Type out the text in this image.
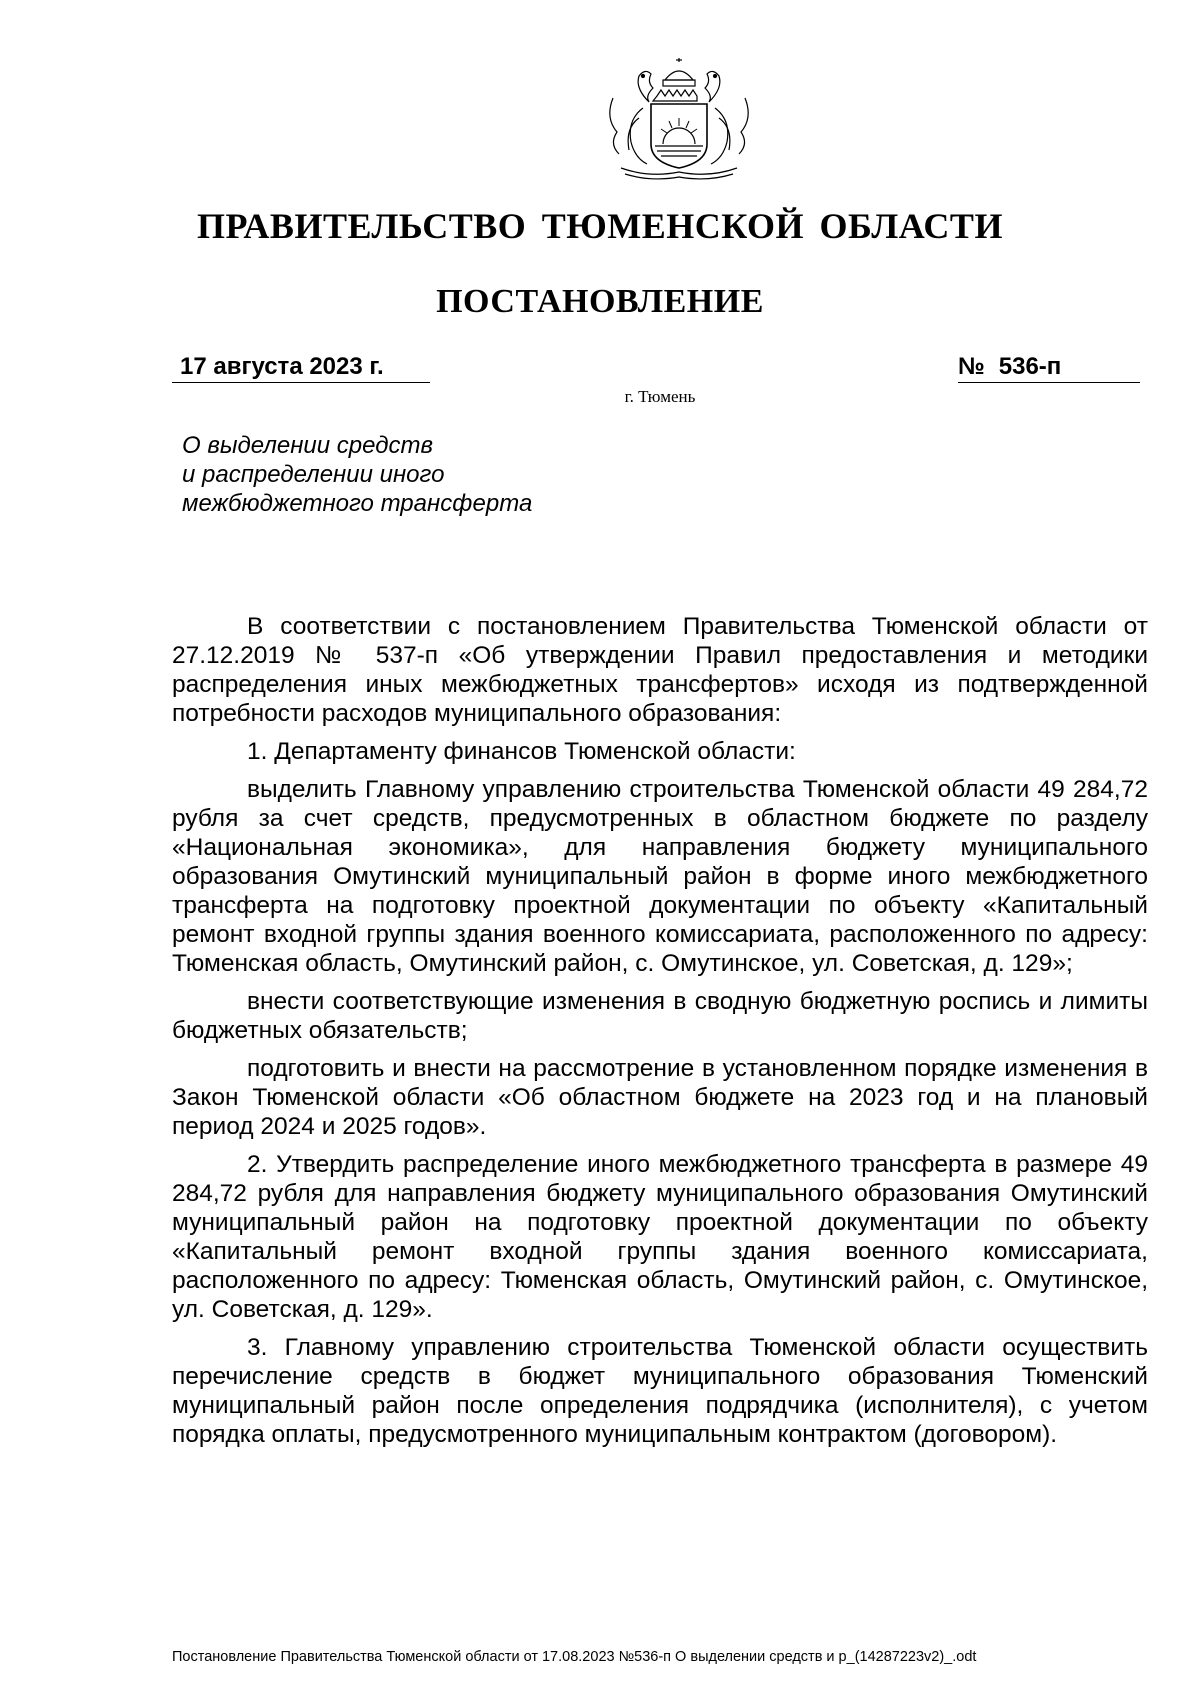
ПРАВИТЕЛЬСТВО ТЮМЕНСКОЙ ОБЛАСТИ
ПОСТАНОВЛЕНИЕ
17 августа 2023 г.	№ 536-п
г. Тюмень
О выделении средств
и распределении иного
межбюджетного трансферта

В соответствии с постановлением Правительства Тюменской области от 27.12.2019 № 537-п «Об утверждении Правил предоставления и методики распределения иных межбюджетных трансфертов» исходя из подтвержденной потребности расходов муниципального образования:

1. Департаменту финансов Тюменской области:

выделить Главному управлению строительства Тюменской области 49 284,72 рубля за счет средств, предусмотренных в областном бюджете по разделу «Национальная экономика», для направления бюджету муниципального образования Омутинский муниципальный район в форме иного межбюджетного трансферта на подготовку проектной документации по объекту «Капитальный ремонт входной группы здания военного комиссариата, расположенного по адресу: Тюменская область, Омутинский район, с. Омутинское, ул. Советская, д. 129»;

внести соответствующие изменения в сводную бюджетную роспись и лимиты бюджетных обязательств;

подготовить и внести на рассмотрение в установленном порядке изменения в Закон Тюменской области «Об областном бюджете на 2023 год и на плановый период 2024 и 2025 годов».

2. Утвердить распределение иного межбюджетного трансферта в размере 49 284,72 рубля для направления бюджету муниципального образования Омутинский муниципальный район на подготовку проектной документации по объекту «Капитальный ремонт входной группы здания военного комиссариата, расположенного по адресу: Тюменская область, Омутинский район, с. Омутинское, ул. Советская, д. 129».

3. Главному управлению строительства Тюменской области осуществить перечисление средств в бюджет муниципального образования Тюменский муниципальный район после определения подрядчика (исполнителя), с учетом порядка оплаты, предусмотренного муниципальным контрактом (договором).

Постановление Правительства Тюменской области от 17.08.2023 №536-п О выделении средств и р_(14287223v2)_.odt
